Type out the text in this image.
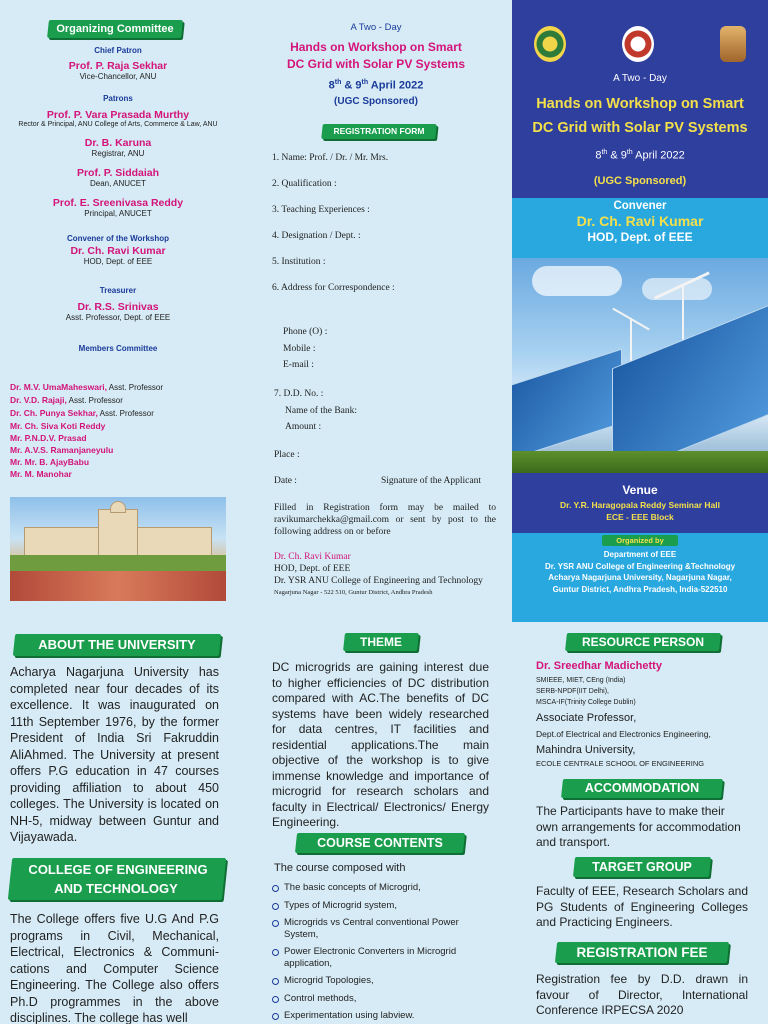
Organizing Committee
Chief Patron
Prof. P. Raja Sekhar
Vice-Chancellor, ANU
Patrons
Prof. P. Vara Prasada Murthy
Rector & Principal, ANU College of Arts, Commerce & Law, ANU
Dr. B. Karuna
Registrar, ANU
Prof. P. Siddaiah
Dean, ANUCET
Prof. E. Sreenivasa Reddy
Principal, ANUCET
Convener of the Workshop
Dr. Ch. Ravi Kumar
HOD, Dept. of EEE
Treasurer
Dr. R.S. Srinivas
Asst. Professor, Dept. of EEE
Members Committee
Dr. M.V. UmaMaheswari, Asst. Professor
Dr. V.D. Rajaji, Asst. Professor
Dr. Ch. Punya Sekhar, Asst. Professor
Mr. Ch. Siva Koti Reddy
Mr. P.N.D.V. Prasad
Mr. A.V.S. Ramanjaneyulu
Mr. Mr. B. AjayBabu
Mr. M. Manohar
A Two - Day
Hands on Workshop on Smart
DC Grid with Solar PV Systems
8th & 9th April 2022
(UGC Sponsored)
REGISTRATION FORM
1. Name: Prof. / Dr. / Mr. Mrs.
2. Qualification :
3. Teaching Experiences :
4. Designation / Dept. :
5. Institution :
6. Address for Correspondence :
Phone (O) :
Mobile :
E-mail :
7. D.D. No. :
Name of the Bank:
Amount :
Place :
Date :	Signature of the Applicant
Filled in Registration form may be mailed to ravikumarchekka@gmail.com or sent by post to the following address on or before
Dr. Ch. Ravi Kumar
HOD, Dept. of EEE
Dr. YSR ANU College of Engineering and Technology
Nagarjuna Nagar - 522 510, Guntur District, Andhra Pradesh
A Two - Day
Hands on Workshop on Smart
DC Grid with Solar PV Systems
8th & 9th April 2022
(UGC Sponsored)
Convener
Dr. Ch. Ravi Kumar
HOD, Dept. of EEE
Venue
Dr. Y.R. Haragopala Reddy Seminar Hall
ECE - EEE Block
Organized by
Department of EEE
Dr. YSR ANU College of Engineering &Technology
Acharya Nagarjuna University, Nagarjuna Nagar,
Guntur District, Andhra Pradesh, India-522510
ABOUT THE UNIVERSITY
Acharya Nagarjuna University has completed near four decades of its excellence. It was inaugurated on 11th September 1976, by the former President of India Sri Fakruddin AliAhmed. The University at present offers P.G education in 47 courses providing affiliation to about 450 colleges. The University is located on NH-5, midway between Guntur and Vijayawada.
COLLEGE OF ENGINEERING
AND TECHNOLOGY
The College offers five U.G And P.G programs in Civil, Mechanical, Electrical, Electronics & Communi-cations and Computer Science Engineering. The College also offers Ph.D programmes in the above disciplines. The college has well
THEME
DC microgrids are gaining interest due to higher efficiencies of DC distribution compared with AC.The benefits of DC systems have been widely researched for data centres, IT facilities and residential applications.The main objective of the workshop is to give immense knowledge and importance of microgrid for research scholars and faculty in Electrical/ Electronics/ Energy Engineering.
COURSE CONTENTS
The course composed with
The basic concepts of Microgrid,
Types of Microgrid system,
Microgrids vs Central conventional Power System,
Power Electronic Converters in Microgrid application,
Microgrid Topologies,
Control methods,
Experimentation using labview.
RESOURCE PERSON
Dr. Sreedhar Madichetty
SMIEEE, MIET, CEng (India)
SERB-NPDF(IIT Delhi),
MSCA-IF(Trinity College Dublin)
Associate Professor,
Dept.of Electrical and Electronics Engineering,
Mahindra University,
ECOLE CENTRALE SCHOOL OF ENGINEERING
ACCOMMODATION
The Participants have to make their own arrangements for accommodation and transport.
TARGET GROUP
Faculty of EEE, Research Scholars and PG Students of Engineering Colleges and Practicing Engineers.
REGISTRATION FEE
Registration fee by D.D. drawn in favour of Director, International Conference IRPECSA 2020
